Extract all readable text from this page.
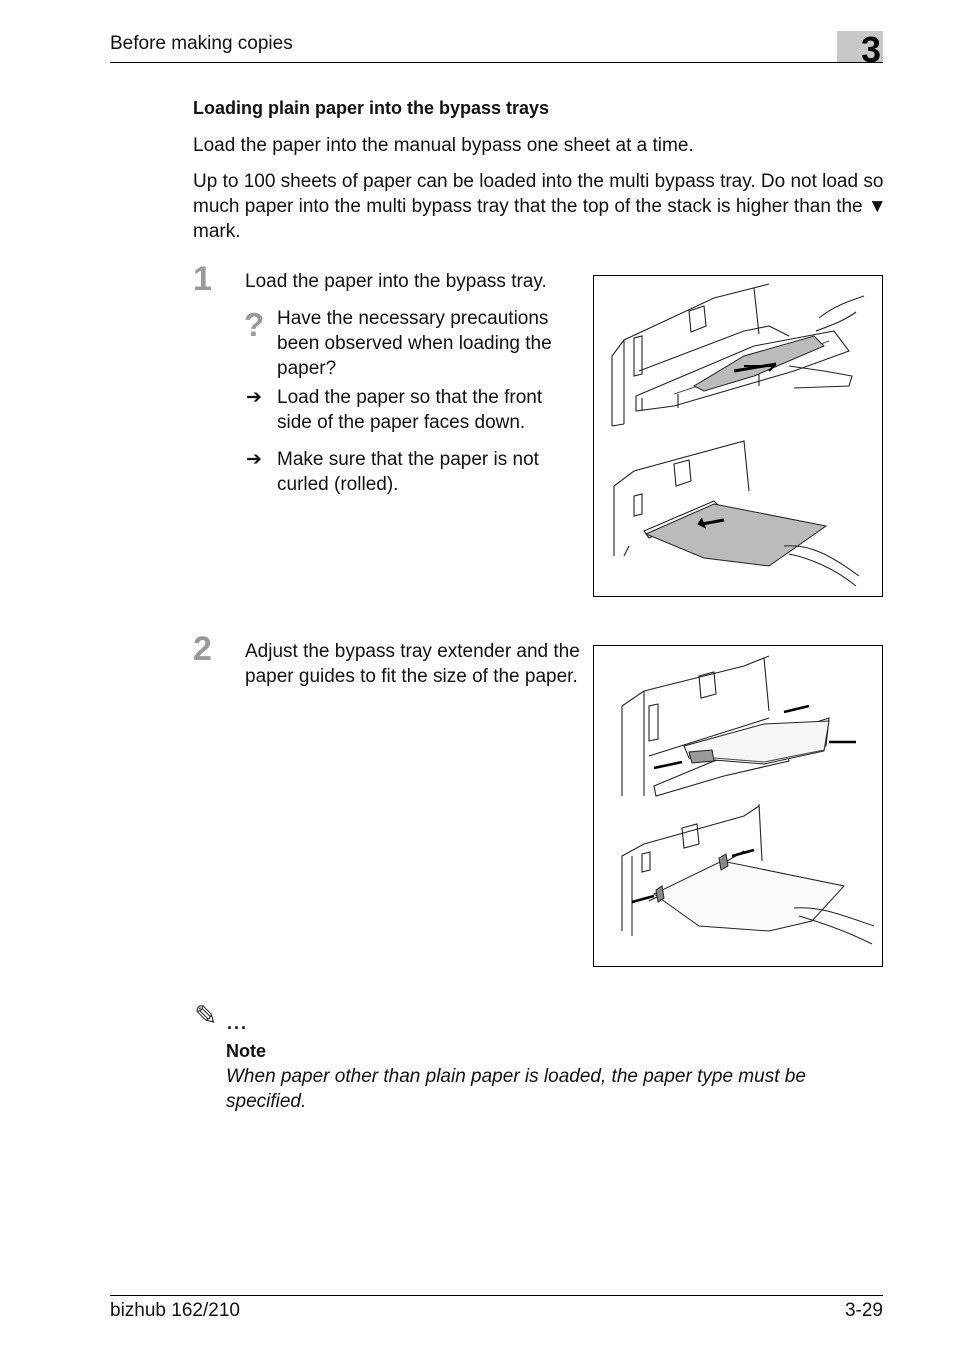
Before making copies	3
Loading plain paper into the bypass trays
Load the paper into the manual bypass one sheet at a time.
Up to 100 sheets of paper can be loaded into the multi bypass tray. Do not load so much paper into the multi bypass tray that the top of the stack is higher than the ▼ mark.
1 Load the paper into the bypass tray.
? Have the necessary precautions been observed when loading the paper?
➔ Load the paper so that the front side of the paper faces down.
➔ Make sure that the paper is not curled (rolled).
2 Adjust the bypass tray extender and the paper guides to fit the size of the paper.
✎ ...
Note
When paper other than plain paper is loaded, the paper type must be specified.
bizhub 162/210	3-29
